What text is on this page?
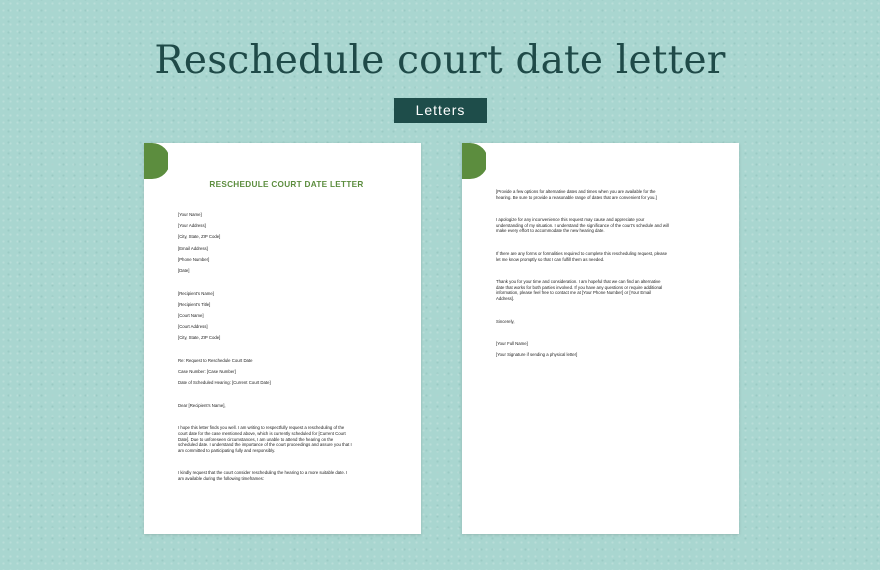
Reschedule court date letter
Letters
RESCHEDULE COURT DATE LETTER
[Your Name]
[Your Address]
[City, State, ZIP Code]
[Email Address]
[Phone Number]
[Date]
[Recipient's Name]
[Recipient's Title]
[Court Name]
[Court Address]
[City, State, ZIP Code]
Re: Request to Reschedule Court Date
Case Number: [Case Number]
Date of Scheduled Hearing: [Current Court Date]
Dear [Recipient's Name],
I hope this letter finds you well. I am writing to respectfully request a rescheduling of the
court date for the case mentioned above, which is currently scheduled for [Current Court
Date]. Due to unforeseen circumstances, I am unable to attend the hearing on the
scheduled date. I understand the importance of the court proceedings and assure you that I
am committed to participating fully and responsibly.
I kindly request that the court consider rescheduling the hearing to a more suitable date. I
am available during the following timeframes:
[Provide a few options for alternative dates and times when you are available for the
hearing. Be sure to provide a reasonable range of dates that are convenient for you.]
I apologize for any inconvenience this request may cause and appreciate your
understanding of my situation. I understand the significance of the court's schedule and will
make every effort to accommodate the new hearing date.
If there are any forms or formalities required to complete this rescheduling request, please
let me know promptly so that I can fulfill them as needed.
Thank you for your time and consideration. I am hopeful that we can find an alternative
date that works for both parties involved. If you have any questions or require additional
information, please feel free to contact me at [Your Phone Number] or [Your Email
Address].
Sincerely,
[Your Full Name]
[Your Signature if sending a physical letter]
